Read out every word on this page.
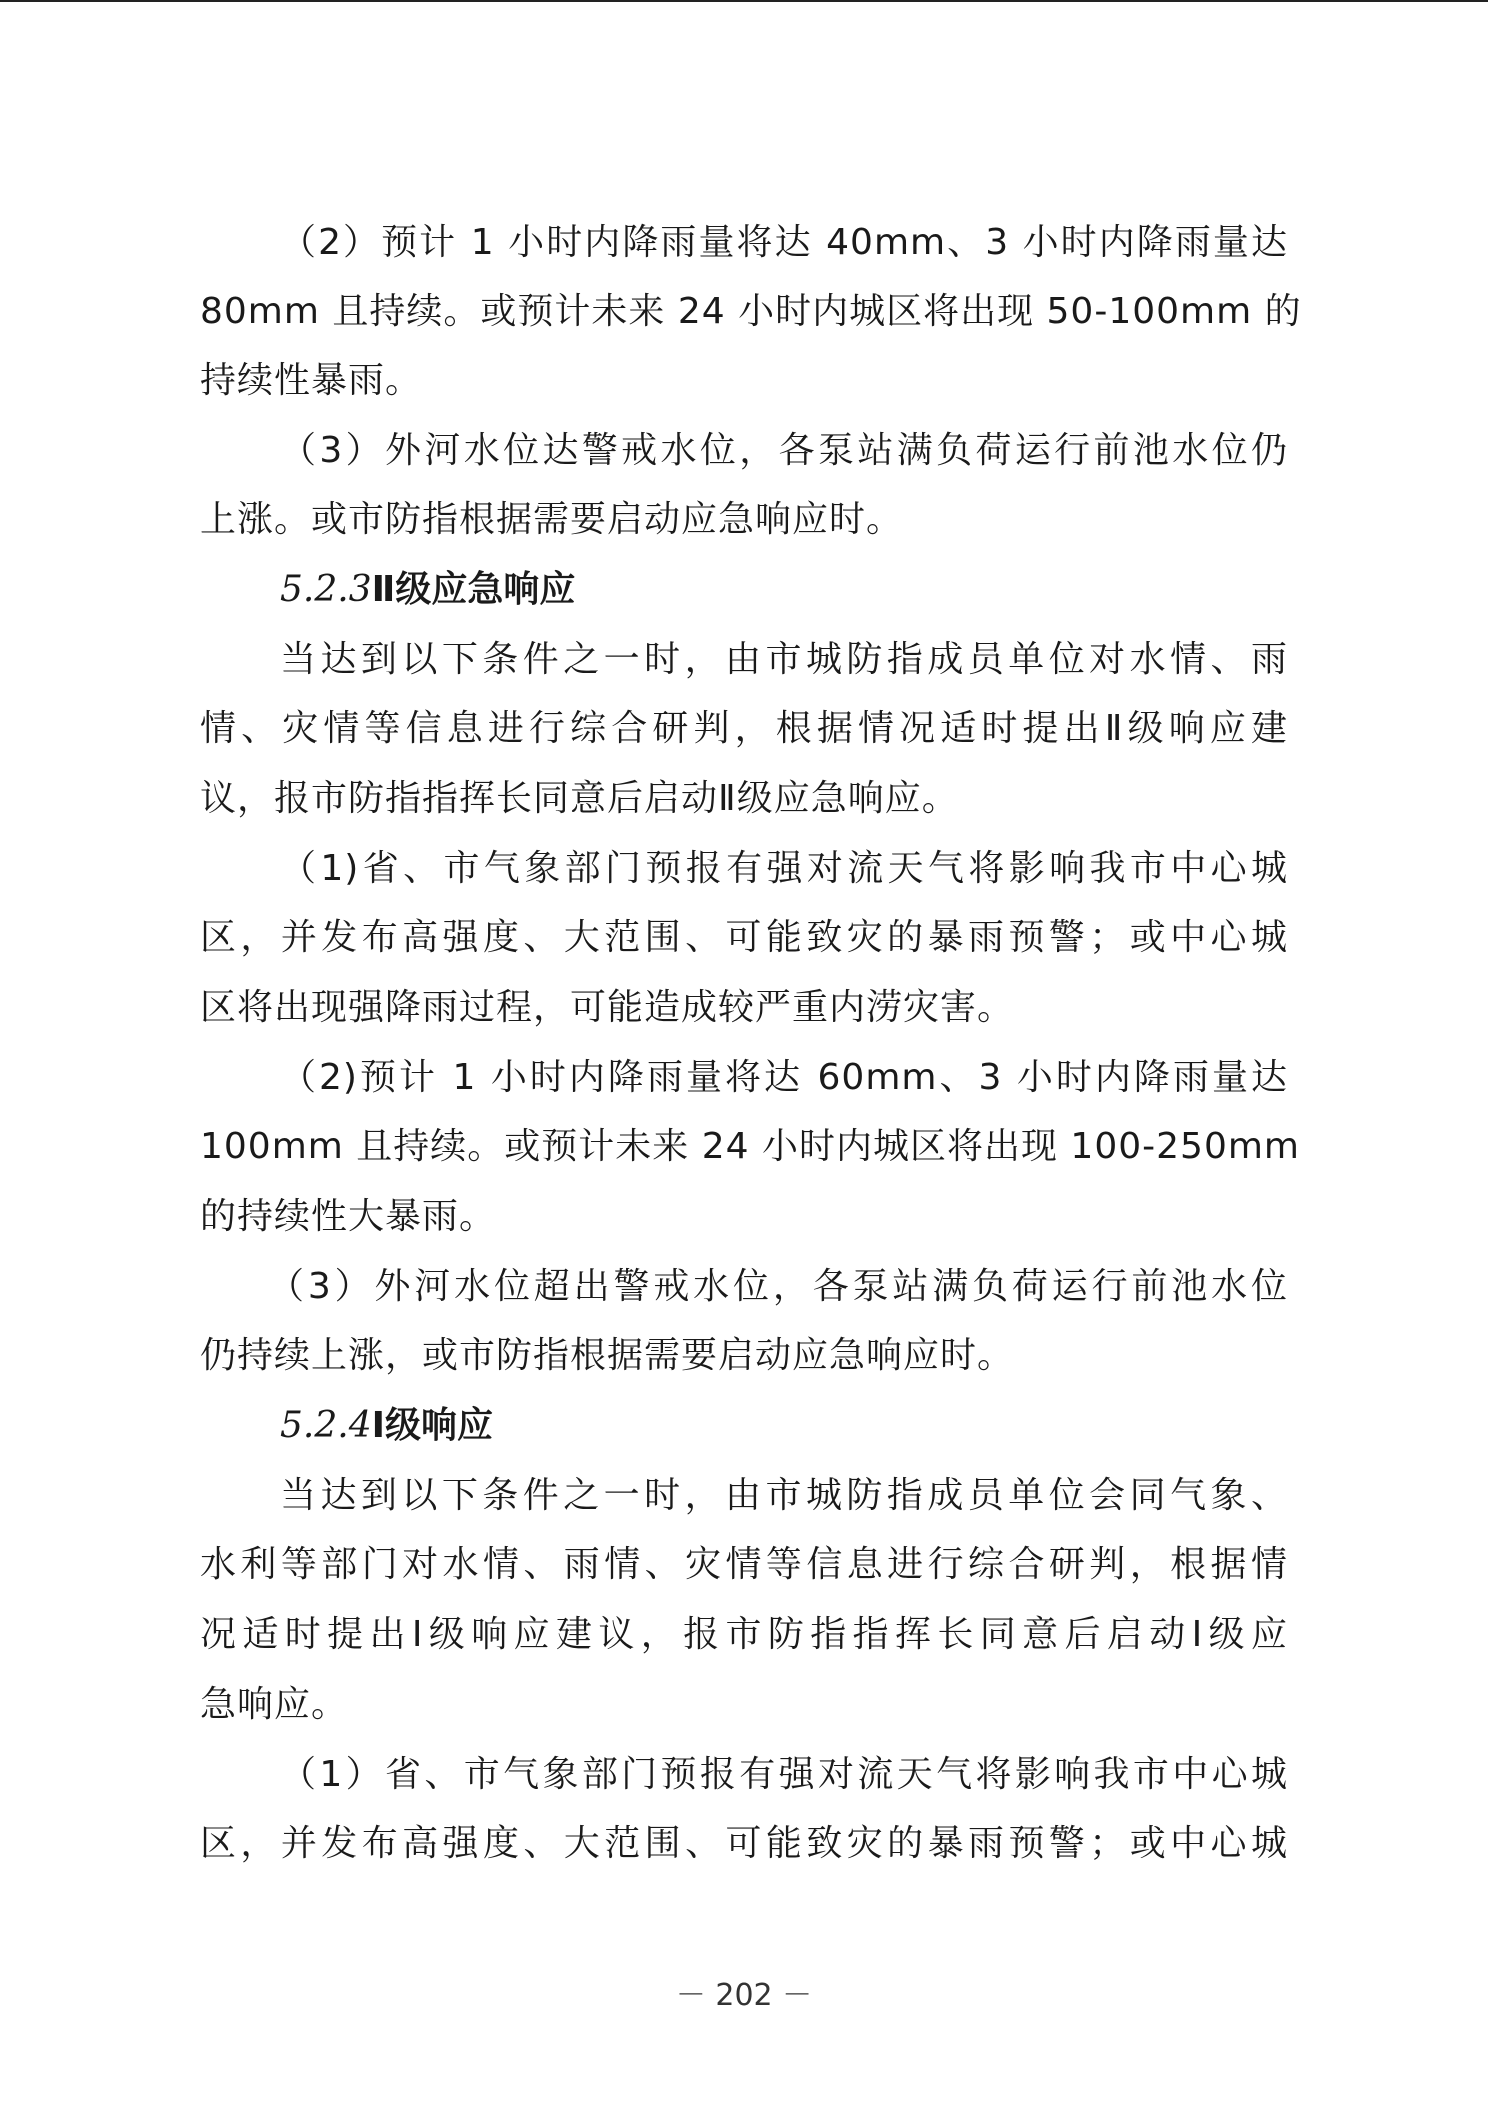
（2）预计 1 小时内降雨量将达 40mm、3 小时内降雨量达
80mm 且持续。或预计未来 24 小时内城区将出现 50-100mm 的
持续性暴雨。
（3）外河水位达警戒水位，各泵站满负荷运行前池水位仍
上涨。或市防指根据需要启动应急响应时。
5.2.3Ⅱ级应急响应
当达到以下条件之一时，由市城防指成员单位对水情、雨
情、灾情等信息进行综合研判，根据情况适时提出Ⅱ级响应建
议，报市防指指挥长同意后启动Ⅱ级应急响应。
（1)省、市气象部门预报有强对流天气将影响我市中心城
区，并发布高强度、大范围、可能致灾的暴雨预警；或中心城
区将出现强降雨过程，可能造成较严重内涝灾害。
（2)预计 1 小时内降雨量将达 60mm、3 小时内降雨量达
100mm 且持续。或预计未来 24 小时内城区将出现 100-250mm
的持续性大暴雨。
（3）外河水位超出警戒水位，各泵站满负荷运行前池水位
仍持续上涨，或市防指根据需要启动应急响应时。
5.2.4Ⅰ级响应
当达到以下条件之一时，由市城防指成员单位会同气象、
水利等部门对水情、雨情、灾情等信息进行综合研判，根据情
况适时提出Ⅰ级响应建议，报市防指指挥长同意后启动Ⅰ级应
急响应。
（1）省、市气象部门预报有强对流天气将影响我市中心城
区，并发布高强度、大范围、可能致灾的暴雨预警；或中心城
－ 202 －
